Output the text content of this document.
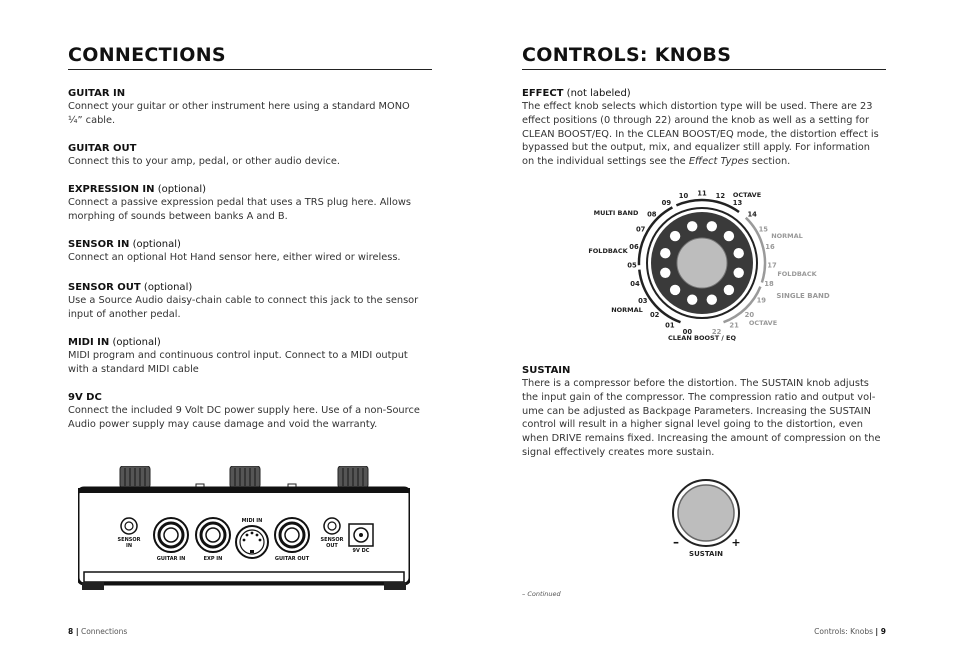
CONNECTIONS

GUITAR IN

Connect your guitar or other instrument here using a standard MONO
¼” cable.

GUITAR OUT

Connect this to your amp, pedal, or other audio device.

EXPRESSION IN (optional)

Connect a passive expression pedal that uses a TRS plug here. Allows
morphing of sounds between banks A and B.

SENSOR IN (optional)

Connect an optional Hot Hand sensor here, either wired or wireless.

SENSOR OUT (optional)

Use a Source Audio daisy-chain cable to connect this jack to the sensor
input of another pedal.

MIDI IN (optional)

MIDI program and continuous control input. Connect to a MIDI output
with a standard MIDI cable

9V DC

Connect the included 9 Volt DC power supply here. Use of a non-Source
Audio power supply may cause damage and void the warranty.

SENSOR
IN
GUITAR IN	EXP IN
MIDI IN
GUITAR OUT
SENSOR
OUT
9V DC
CONTROLS: KNOBS

EFFECT (not labeled)

The effect knob selects which distortion type will be used. There are 23
effect positions (0 through 22) around the knob as well as a setting for
CLEAN BOOST/EQ. In the CLEAN BOOST/EQ mode, the distortion effect is
bypassed but the output, mix, and equalizer still apply. For information
on the individual settings see the Effect Types section.

SUSTAIN

There is a compressor before the distortion. The SUSTAIN knob adjusts
the input gain of the compressor. The compression ratio and output vol-
ume can be adjusted as Backpage Parameters. Increasing the SUSTAIN
control will result in a higher signal level going to the distortion, even
when DRIVE remains fixed. Increasing the amount of compression on the
signal effectively creates more sustain.

00
01
02
03
04
05
06
07
08
09
10 11 12
13
14
15
16
17
18
19
20
21
22
MULTI BAND
FOLDBACK
NORMAL
CLEAN BOOST / EQ
OCTAVE
NORMAL
FOLDBACK
SINGLE BAND
OCTAVE
–	+
SUSTAIN
– Continued
8 | Connections	Controls: Knobs | 9
